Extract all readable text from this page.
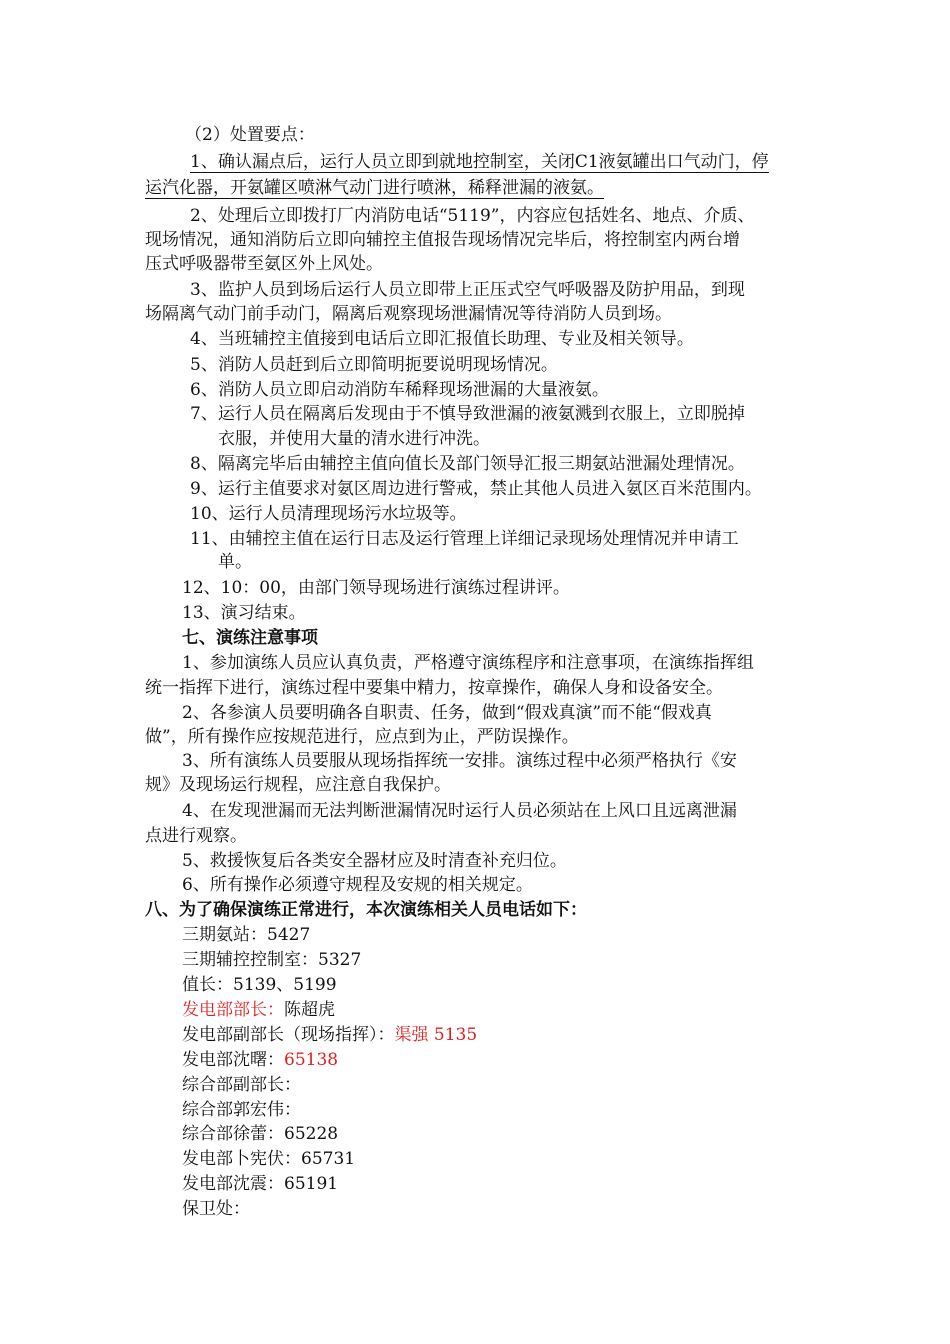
（2）处置要点：
1、确认漏点后，运行人员立即到就地控制室，关闭C1液氨罐出口气动门，停
运汽化器，开氨罐区喷淋气动门进行喷淋，稀释泄漏的液氨。
2、处理后立即拨打厂内消防电话“5119”，内容应包括姓名、地点、介质、
现场情况，通知消防后立即向辅控主值报告现场情况完毕后，将控制室内两台增
压式呼吸器带至氨区外上风处。
3、监护人员到场后运行人员立即带上正压式空气呼吸器及防护用品，到现
场隔离气动门前手动门，隔离后观察现场泄漏情况等待消防人员到场。
4、当班辅控主值接到电话后立即汇报值长助理、专业及相关领导。
5、消防人员赶到后立即简明扼要说明现场情况。
6、消防人员立即启动消防车稀释现场泄漏的大量液氨。
7、运行人员在隔离后发现由于不慎导致泄漏的液氨溅到衣服上，立即脱掉
衣服，并使用大量的清水进行冲洗。
8、隔离完毕后由辅控主值向值长及部门领导汇报三期氨站泄漏处理情况。
9、运行主值要求对氨区周边进行警戒，禁止其他人员进入氨区百米范围内。
10、运行人员清理现场污水垃圾等。
11、由辅控主值在运行日志及运行管理上详细记录现场处理情况并申请工
单。
12、10：00，由部门领导现场进行演练过程讲评。
13、演习结束。
七、演练注意事项
1、参加演练人员应认真负责，严格遵守演练程序和注意事项，在演练指挥组
统一指挥下进行，演练过程中要集中精力，按章操作，确保人身和设备安全。
2、各参演人员要明确各自职责、任务，做到“假戏真演”而不能“假戏真
做”，所有操作应按规范进行，应点到为止，严防误操作。
3、所有演练人员要服从现场指挥统一安排。演练过程中必须严格执行《安
规》及现场运行规程，应注意自我保护。
4、在发现泄漏而无法判断泄漏情况时运行人员必须站在上风口且远离泄漏
点进行观察。
5、救援恢复后各类安全器材应及时清查补充归位。
6、所有操作必须遵守规程及安规的相关规定。
八、为了确保演练正常进行，本次演练相关人员电话如下：
三期氨站：5427
三期辅控控制室：5327
值长：5139、5199
发电部部长：陈超虎
发电部副部长（现场指挥）：渠强 5135
发电部沈曙：65138
综合部副部长：
综合部郭宏伟：
综合部徐蕾：65228
发电部卜宪伏：65731
发电部沈震：65191
保卫处：
